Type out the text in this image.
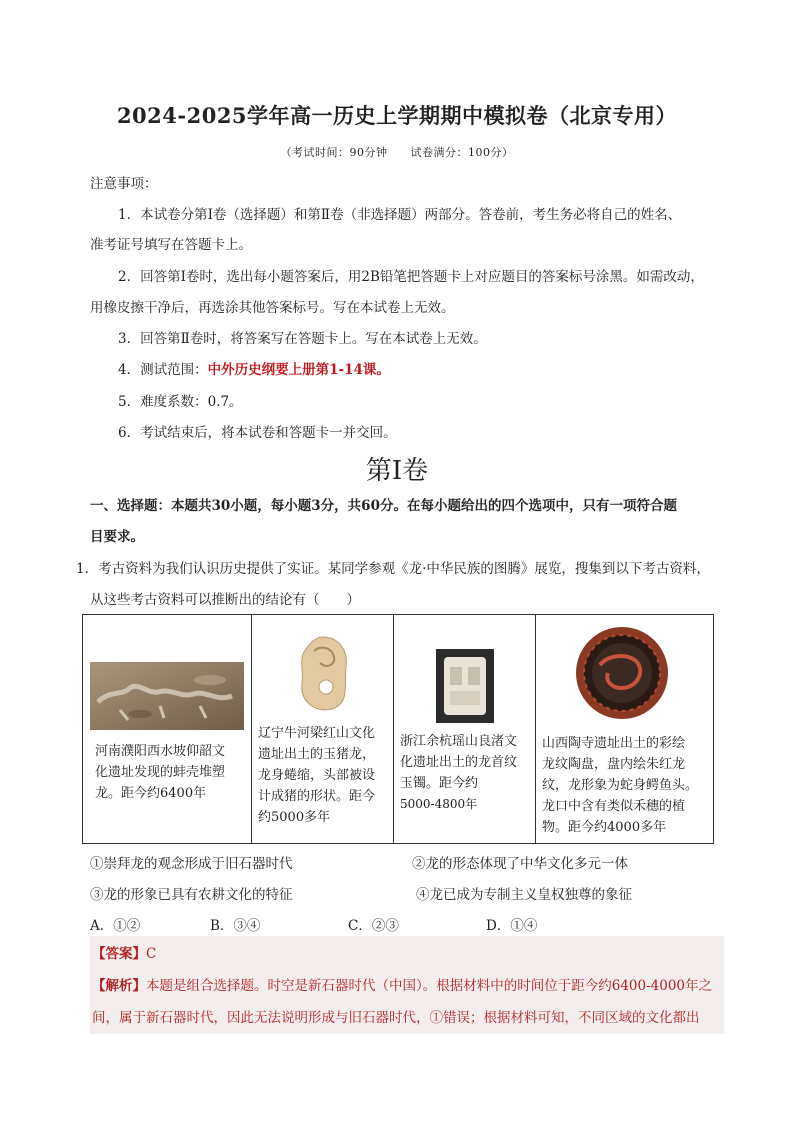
2024-2025学年高一历史上学期期中模拟卷（北京专用）
（考试时间：90分钟　　试卷满分：100分）
注意事项：
1．本试卷分第Ⅰ卷（选择题）和第Ⅱ卷（非选择题）两部分。答卷前，考生务必将自己的姓名、
准考证号填写在答题卡上。
2．回答第Ⅰ卷时，选出每小题答案后，用2B铅笔把答题卡上对应题目的答案标号涂黑。如需改动，
用橡皮擦干净后，再选涂其他答案标号。写在本试卷上无效。
3．回答第Ⅱ卷时，将答案写在答题卡上。写在本试卷上无效。
4．测试范围：中外历史纲要上册第1-14课。
5．难度系数：0.7。
6．考试结束后，将本试卷和答题卡一并交回。
第Ⅰ卷
一、选择题：本题共30小题，每小题3分，共60分。在每小题给出的四个选项中，只有一项符合题
目要求。
1．考古资料为我们认识历史提供了实证。某同学参观《龙·中华民族的图腾》展览，搜集到以下考古资料，
从这些考古资料可以推断出的结论有（　　）
河南濮阳西水坡仰韶文
化遗址发现的蚌壳堆塑
龙。距今约6400年

辽宁牛河梁红山文化
遗址出土的玉猪龙，
龙身蜷缩，头部被设
计成猪的形状。距今
约5000多年

浙江余杭瑶山良渚文
化遗址出土的龙首纹
玉镯。距今约
5000-4800年

山西陶寺遗址出土的彩绘
龙纹陶盘，盘内绘朱红龙
纹，龙形象为蛇身鳄鱼头。
龙口中含有类似禾穗的植
物。距今约4000多年
①崇拜龙的观念形成于旧石器时代	②龙的形态体现了中华文化多元一体
③龙的形象已具有农耕文化的特征	④龙已成为专制主义皇权独尊的象征
A．①②	B．③④	C．②③	D．①④
【答案】C
【解析】本题是组合选择题。时空是新石器时代（中国）。根据材料中的时间位于距今约6400-4000年之
间，属于新石器时代，因此无法说明形成与旧石器时代，①错误；根据材料可知，不同区域的文化都出
